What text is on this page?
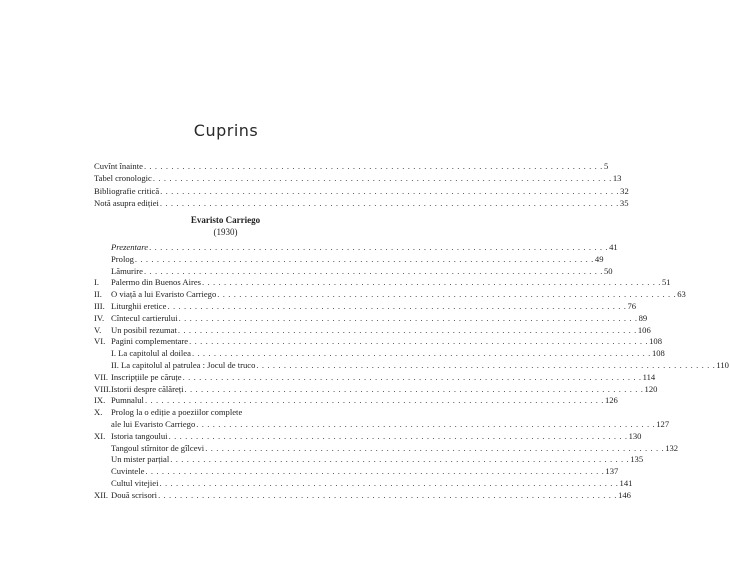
Cuprins
Cuvînt înainte . . . . . . . . . . . . . . . . . . . . . . . . . . . . . . . . . . . . . . . . . . . . . . . . . . . . . . . . . . . . . . . . . . . . . . . . . . . . . . . . . . . . 5
Tabel cronologic . . . . . . . . . . . . . . . . . . . . . . . . . . . . . . . . . . . . . . . . . . . . . . . . . . . . . . . . . . . . . . . . . . . . . . . . . . . . . . . . . . . . 13
Bibliografie critică . . . . . . . . . . . . . . . . . . . . . . . . . . . . . . . . . . . . . . . . . . . . . . . . . . . . . . . . . . . . . . . . . . . . . . . . . . . . . . . . . . . . 32
Notă asupra ediției . . . . . . . . . . . . . . . . . . . . . . . . . . . . . . . . . . . . . . . . . . . . . . . . . . . . . . . . . . . . . . . . . . . . . . . . . . . . . . . . . . . . 35
Evaristo Carriego
(1930)
Prezentare . . . . . . . . . . . . . . . . . . . . . . . . . . . . . . . . . . . . . . . . . . . . . . . . . . . . . . . . . . . . . . . . . . . . . . . . . . . . . . . . . . . . 41
Prolog . . . . . . . . . . . . . . . . . . . . . . . . . . . . . . . . . . . . . . . . . . . . . . . . . . . . . . . . . . . . . . . . . . . . . . . . . . . . . . . . . . . . 49
Lămurire . . . . . . . . . . . . . . . . . . . . . . . . . . . . . . . . . . . . . . . . . . . . . . . . . . . . . . . . . . . . . . . . . . . . . . . . . . . . . . . . . . . . 50
I.	Palermo din Buenos Aires . . . . . . . . . . . . . . . . . . . . . . . . . . . . . . . . . . . . . . . . . . . . . . . . . . . . . . . . . . . . . . . . . . . . . . . . . . . . . . . . . . . . 51
II.	O viață a lui Evaristo Carriego . . . . . . . . . . . . . . . . . . . . . . . . . . . . . . . . . . . . . . . . . . . . . . . . . . . . . . . . . . . . . . . . . . . . . . . . . . . . . . . . . . . . 63
III. Liturghii eretice . . . . . . . . . . . . . . . . . . . . . . . . . . . . . . . . . . . . . . . . . . . . . . . . . . . . . . . . . . . . . . . . . . . . . . . . . . . . . . . . . . . . 76
IV. Cîntecul cartierului . . . . . . . . . . . . . . . . . . . . . . . . . . . . . . . . . . . . . . . . . . . . . . . . . . . . . . . . . . . . . . . . . . . . . . . . . . . . . . . . . . . . 89
V.	Un posibil rezumat . . . . . . . . . . . . . . . . . . . . . . . . . . . . . . . . . . . . . . . . . . . . . . . . . . . . . . . . . . . . . . . . . . . . . . . . . . . . . . . . . . . . 106
VI. Pagini complementare . . . . . . . . . . . . . . . . . . . . . . . . . . . . . . . . . . . . . . . . . . . . . . . . . . . . . . . . . . . . . . . . . . . . . . . . . . . . . . . . . . . . 108
I. La capitolul al doilea . . . . . . . . . . . . . . . . . . . . . . . . . . . . . . . . . . . . . . . . . . . . . . . . . . . . . . . . . . . . . . . . . . . . . . . . . . . . . . . . . . . . 108
II. La capitolul al patrulea : Jocul de truco . . . . . . . . . . . . . . . . . . . . . . . . . . . . . . . . . . . . . . . . . . . . . . . . . . . . . . . . . . . . . . . . . . . . . . . . . . . . . . . . . . . . 110
VII. Inscripțiile pe căruțe . . . . . . . . . . . . . . . . . . . . . . . . . . . . . . . . . . . . . . . . . . . . . . . . . . . . . . . . . . . . . . . . . . . . . . . . . . . . . . . . . . . . 114
VIII. Istorii despre călăreți . . . . . . . . . . . . . . . . . . . . . . . . . . . . . . . . . . . . . . . . . . . . . . . . . . . . . . . . . . . . . . . . . . . . . . . . . . . . . . . . . . . . 120
IX. Pumnalul . . . . . . . . . . . . . . . . . . . . . . . . . . . . . . . . . . . . . . . . . . . . . . . . . . . . . . . . . . . . . . . . . . . . . . . . . . . . . . . . . . . . 126
X.	Prolog la o ediție a poeziilor complete
ale lui Evaristo Carriego . . . . . . . . . . . . . . . . . . . . . . . . . . . . . . . . . . . . . . . . . . . . . . . . . . . . . . . . . . . . . . . . . . . . . . . . . . . . . . . . . . . . 127
XI. Istoria tangoului . . . . . . . . . . . . . . . . . . . . . . . . . . . . . . . . . . . . . . . . . . . . . . . . . . . . . . . . . . . . . . . . . . . . . . . . . . . . . . . . . . . . 130
Tangoul stîrnitor de gîlcevi . . . . . . . . . . . . . . . . . . . . . . . . . . . . . . . . . . . . . . . . . . . . . . . . . . . . . . . . . . . . . . . . . . . . . . . . . . . . . . . . . . . . 132
Un mister parțial . . . . . . . . . . . . . . . . . . . . . . . . . . . . . . . . . . . . . . . . . . . . . . . . . . . . . . . . . . . . . . . . . . . . . . . . . . . . . . . . . . . . 135
Cuvintele . . . . . . . . . . . . . . . . . . . . . . . . . . . . . . . . . . . . . . . . . . . . . . . . . . . . . . . . . . . . . . . . . . . . . . . . . . . . . . . . . . . . 137
Cultul vitejiei . . . . . . . . . . . . . . . . . . . . . . . . . . . . . . . . . . . . . . . . . . . . . . . . . . . . . . . . . . . . . . . . . . . . . . . . . . . . . . . . . . . . 141
XII. Două scrisori . . . . . . . . . . . . . . . . . . . . . . . . . . . . . . . . . . . . . . . . . . . . . . . . . . . . . . . . . . . . . . . . . . . . . . . . . . . . . . . . . . . . 146
